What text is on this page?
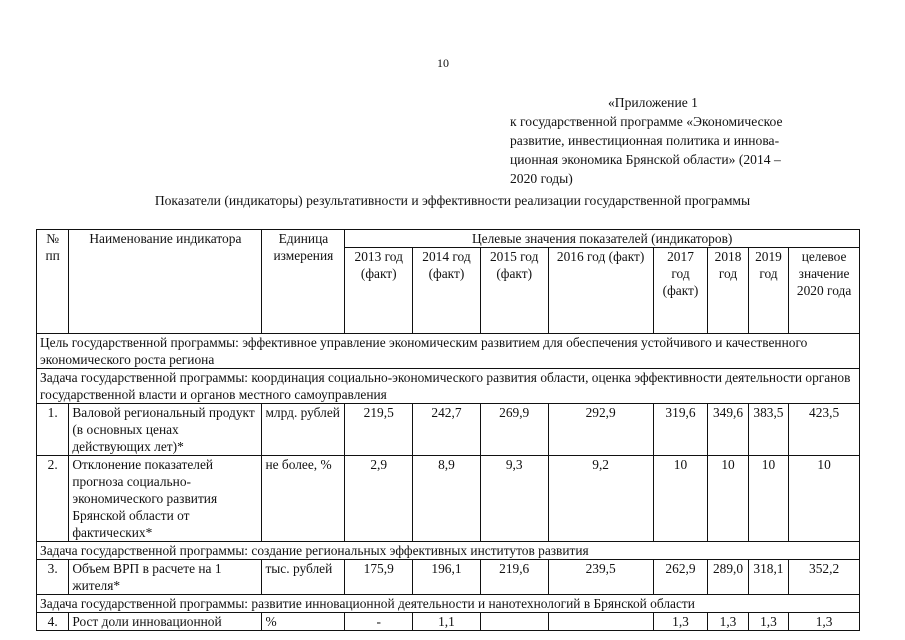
10
«Приложение 1
к государственной программе «Экономическое
развитие, инвестиционная политика и иннова-
ционная экономика Брянской области» (2014 –
2020 годы)
Показатели (индикаторы) результативности и эффективности реализации государственной программы
№ пп	Наименование индикатора	Единица измерения	Целевые значения показателей (индикаторов)							
			2013 год (факт)	2014 год (факт)	2015 год (факт)	2016 год (факт)	2017 год (факт)	2018 год	2019 год	целевое значение 2020 года
Цель государственной программы: эффективное управление экономическим развитием для обеспечения устойчивого и качественного экономического роста региона										
Задача государственной программы: координация социально-экономического развития области, оценка эффективности деятельности органов государственной власти и органов местного самоуправления										
1.	Валовой региональный продукт (в основных ценах действующих лет)*	млрд. рублей	219,5	242,7	269,9	292,9	319,6	349,6	383,5	423,5
2.	Отклонение показателей прогноза социально-экономического развития Брянской области от фактических*	не более, %	2,9	8,9	9,3	9,2	10	10	10	10
Задача государственной программы: создание региональных эффективных институтов развития										
3.	Объем ВРП в расчете на 1 жителя*	тыс. рублей	175,9	196,1	219,6	239,5	262,9	289,0	318,1	352,2
Задача государственной программы: развитие инновационной деятельности и нанотехнологий в Брянской области										
4.	Рост доли инновационной	%	-	1,1			1,3	1,3	1,3	1,3
